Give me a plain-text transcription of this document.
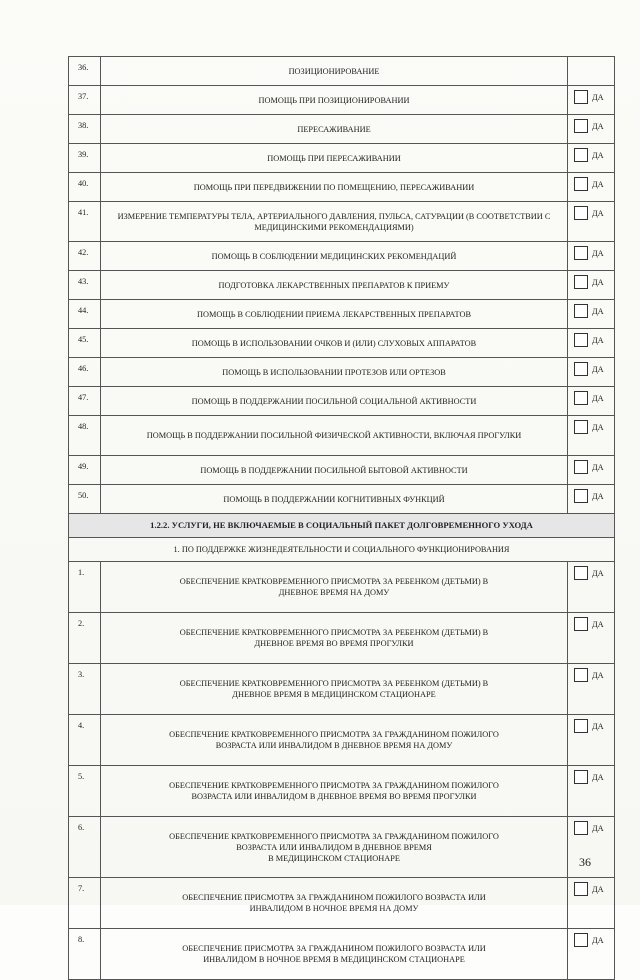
36.	ПОЗИЦИОНИРОВАНИЕ	
37.	ПОМОЩЬ ПРИ ПОЗИЦИОНИРОВАНИИ	ДА

38.	ПЕРЕСАЖИВАНИЕ	ДА

39.	ПОМОЩЬ ПРИ ПЕРЕСАЖИВАНИИ	ДА

40.	ПОМОЩЬ ПРИ ПЕРЕДВИЖЕНИИ ПО ПОМЕЩЕНИЮ, ПЕРЕСАЖИВАНИИ	ДА

41.	ИЗМЕРЕНИЕ ТЕМПЕРАТУРЫ ТЕЛА, АРТЕРИАЛЬНОГО ДАВЛЕНИЯ, ПУЛЬСА, САТУРАЦИИ (В СООТВЕТСТВИИ С МЕДИЦИНСКИМИ РЕКОМЕНДАЦИЯМИ)	ДА

42.	ПОМОЩЬ В СОБЛЮДЕНИИ МЕДИЦИНСКИХ РЕКОМЕНДАЦИЙ	ДА

43.	ПОДГОТОВКА ЛЕКАРСТВЕННЫХ ПРЕПАРАТОВ К ПРИЕМУ	ДА

44.	ПОМОЩЬ В СОБЛЮДЕНИИ ПРИЕМА ЛЕКАРСТВЕННЫХ ПРЕПАРАТОВ	ДА

45.	ПОМОЩЬ В ИСПОЛЬЗОВАНИИ ОЧКОВ И (ИЛИ) СЛУХОВЫХ АППАРАТОВ	ДА

46.	ПОМОЩЬ В ИСПОЛЬЗОВАНИИ ПРОТЕЗОВ ИЛИ ОРТЕЗОВ	ДА

47.	ПОМОЩЬ В ПОДДЕРЖАНИИ ПОСИЛЬНОЙ СОЦИАЛЬНОЙ АКТИВНОСТИ	ДА

48.	ПОМОЩЬ В ПОДДЕРЖАНИИ ПОСИЛЬНОЙ ФИЗИЧЕСКОЙ АКТИВНОСТИ, ВКЛЮЧАЯ ПРОГУЛКИ	ДА

49.	ПОМОЩЬ В ПОДДЕРЖАНИИ ПОСИЛЬНОЙ БЫТОВОЙ АКТИВНОСТИ	ДА

50.	ПОМОЩЬ В ПОДДЕРЖАНИИ КОГНИТИВНЫХ ФУНКЦИЙ	ДА

1.2.2. УСЛУГИ, НЕ ВКЛЮЧАЕМЫЕ В СОЦИАЛЬНЫЙ ПАКЕТ ДОЛГОВРЕМЕННОГО УХОДА		
1. ПО ПОДДЕРЖКЕ ЖИЗНЕДЕЯТЕЛЬНОСТИ И СОЦИАЛЬНОГО ФУНКЦИОНИРОВАНИЯ		
1.	ОБЕСПЕЧЕНИЕ КРАТКОВРЕМЕННОГО ПРИСМОТРА ЗА РЕБЕНКОМ (ДЕТЬМИ) В
ДНЕВНОЕ ВРЕМЯ НА ДОМУ	ДА

2.	ОБЕСПЕЧЕНИЕ КРАТКОВРЕМЕННОГО ПРИСМОТРА ЗА РЕБЕНКОМ (ДЕТЬМИ) В
ДНЕВНОЕ ВРЕМЯ ВО ВРЕМЯ ПРОГУЛКИ	ДА

3.	ОБЕСПЕЧЕНИЕ КРАТКОВРЕМЕННОГО ПРИСМОТРА ЗА РЕБЕНКОМ (ДЕТЬМИ) В
ДНЕВНОЕ ВРЕМЯ В МЕДИЦИНСКОМ СТАЦИОНАРЕ	ДА

4.	ОБЕСПЕЧЕНИЕ КРАТКОВРЕМЕННОГО ПРИСМОТРА ЗА ГРАЖДАНИНОМ ПОЖИЛОГО
ВОЗРАСТА ИЛИ ИНВАЛИДОМ В ДНЕВНОЕ ВРЕМЯ НА ДОМУ	ДА

5.	ОБЕСПЕЧЕНИЕ КРАТКОВРЕМЕННОГО ПРИСМОТРА ЗА ГРАЖДАНИНОМ ПОЖИЛОГО
ВОЗРАСТА ИЛИ ИНВАЛИДОМ В ДНЕВНОЕ ВРЕМЯ ВО ВРЕМЯ ПРОГУЛКИ	ДА

6.	ОБЕСПЕЧЕНИЕ КРАТКОВРЕМЕННОГО ПРИСМОТРА ЗА ГРАЖДАНИНОМ ПОЖИЛОГО
ВОЗРАСТА ИЛИ ИНВАЛИДОМ В ДНЕВНОЕ ВРЕМЯ
В МЕДИЦИНСКОМ СТАЦИОНАРЕ	ДА

7.	ОБЕСПЕЧЕНИЕ ПРИСМОТРА ЗА ГРАЖДАНИНОМ ПОЖИЛОГО ВОЗРАСТА ИЛИ
ИНВАЛИДОМ В НОЧНОЕ ВРЕМЯ НА ДОМУ	ДА

8.	ОБЕСПЕЧЕНИЕ ПРИСМОТРА ЗА ГРАЖДАНИНОМ ПОЖИЛОГО ВОЗРАСТА ИЛИ
ИНВАЛИДОМ В НОЧНОЕ ВРЕМЯ В МЕДИЦИНСКОМ СТАЦИОНАРЕ	ДА
36
